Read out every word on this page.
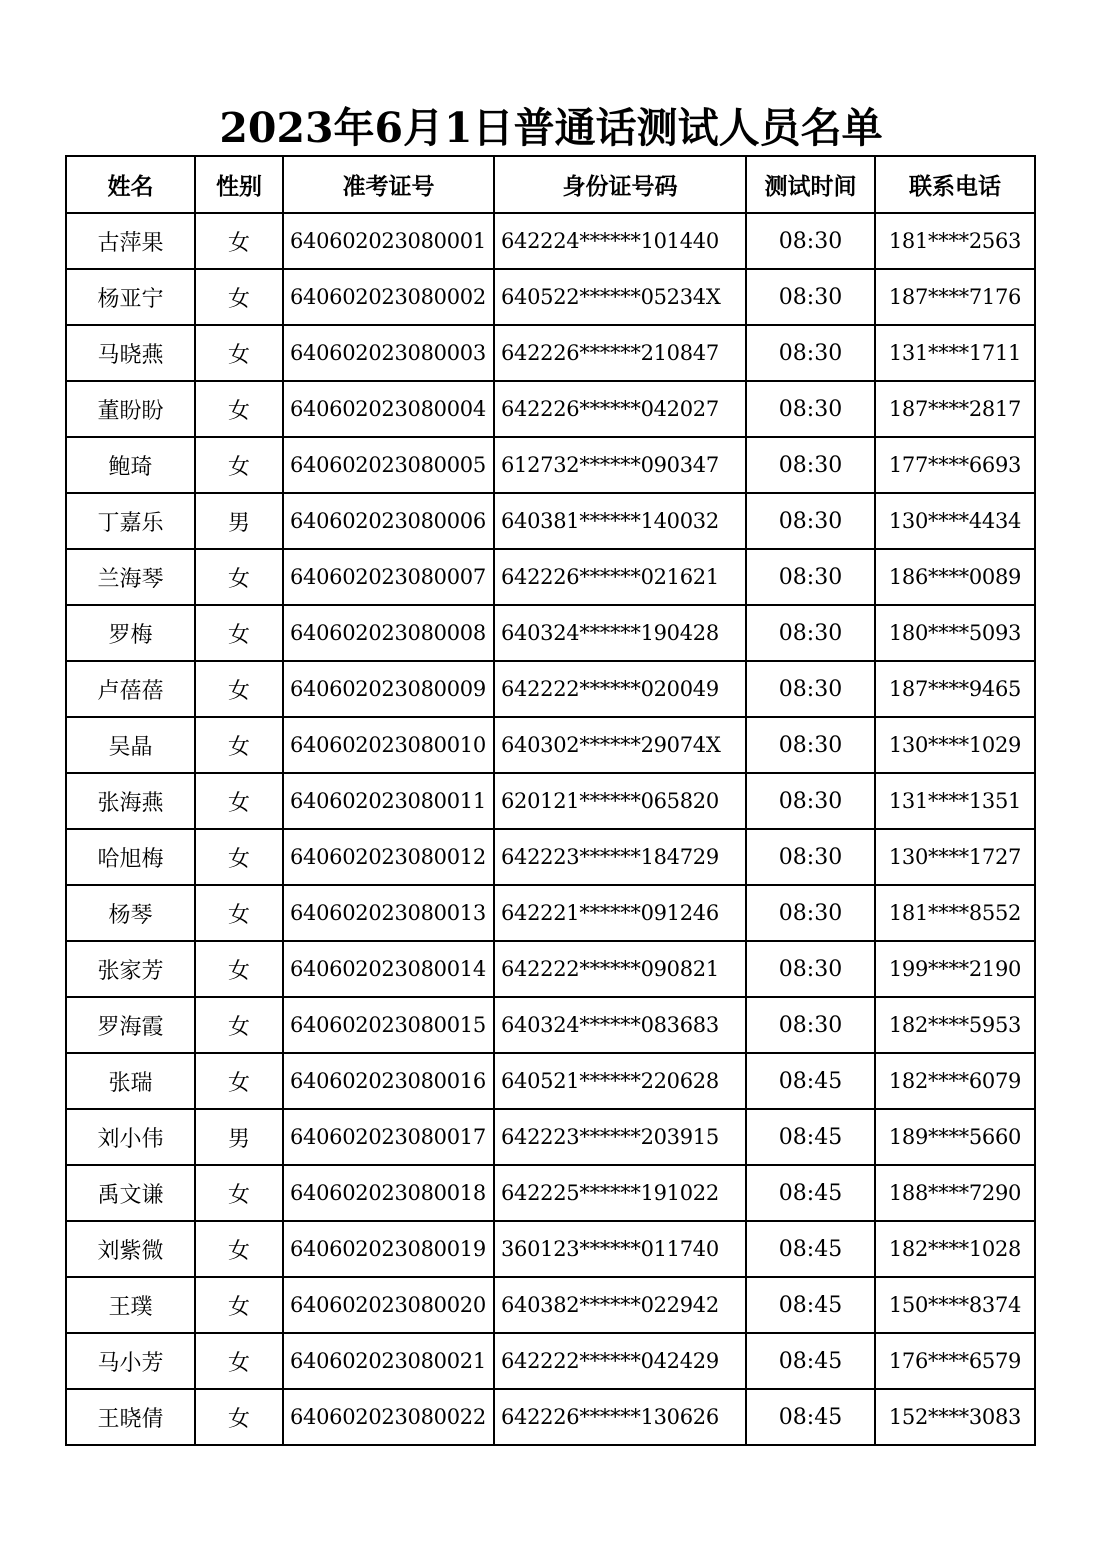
2023年6月1日普通话测试人员名单
姓名	性别	准考证号	身份证号码	测试时间	联系电话
古萍果	女	640602023080001	642224******101440	08:30	181****2563
杨亚宁	女	640602023080002	640522******05234X	08:30	187****7176
马晓燕	女	640602023080003	642226******210847	08:30	131****1711
董盼盼	女	640602023080004	642226******042027	08:30	187****2817
鲍琦	女	640602023080005	612732******090347	08:30	177****6693
丁嘉乐	男	640602023080006	640381******140032	08:30	130****4434
兰海琴	女	640602023080007	642226******021621	08:30	186****0089
罗梅	女	640602023080008	640324******190428	08:30	180****5093
卢蓓蓓	女	640602023080009	642222******020049	08:30	187****9465
吴晶	女	640602023080010	640302******29074X	08:30	130****1029
张海燕	女	640602023080011	620121******065820	08:30	131****1351
哈旭梅	女	640602023080012	642223******184729	08:30	130****1727
杨琴	女	640602023080013	642221******091246	08:30	181****8552
张家芳	女	640602023080014	642222******090821	08:30	199****2190
罗海霞	女	640602023080015	640324******083683	08:30	182****5953
张瑞	女	640602023080016	640521******220628	08:45	182****6079
刘小伟	男	640602023080017	642223******203915	08:45	189****5660
禹文谦	女	640602023080018	642225******191022	08:45	188****7290
刘紫微	女	640602023080019	360123******011740	08:45	182****1028
王璞	女	640602023080020	640382******022942	08:45	150****8374
马小芳	女	640602023080021	642222******042429	08:45	176****6579
王晓倩	女	640602023080022	642226******130626	08:45	152****3083
